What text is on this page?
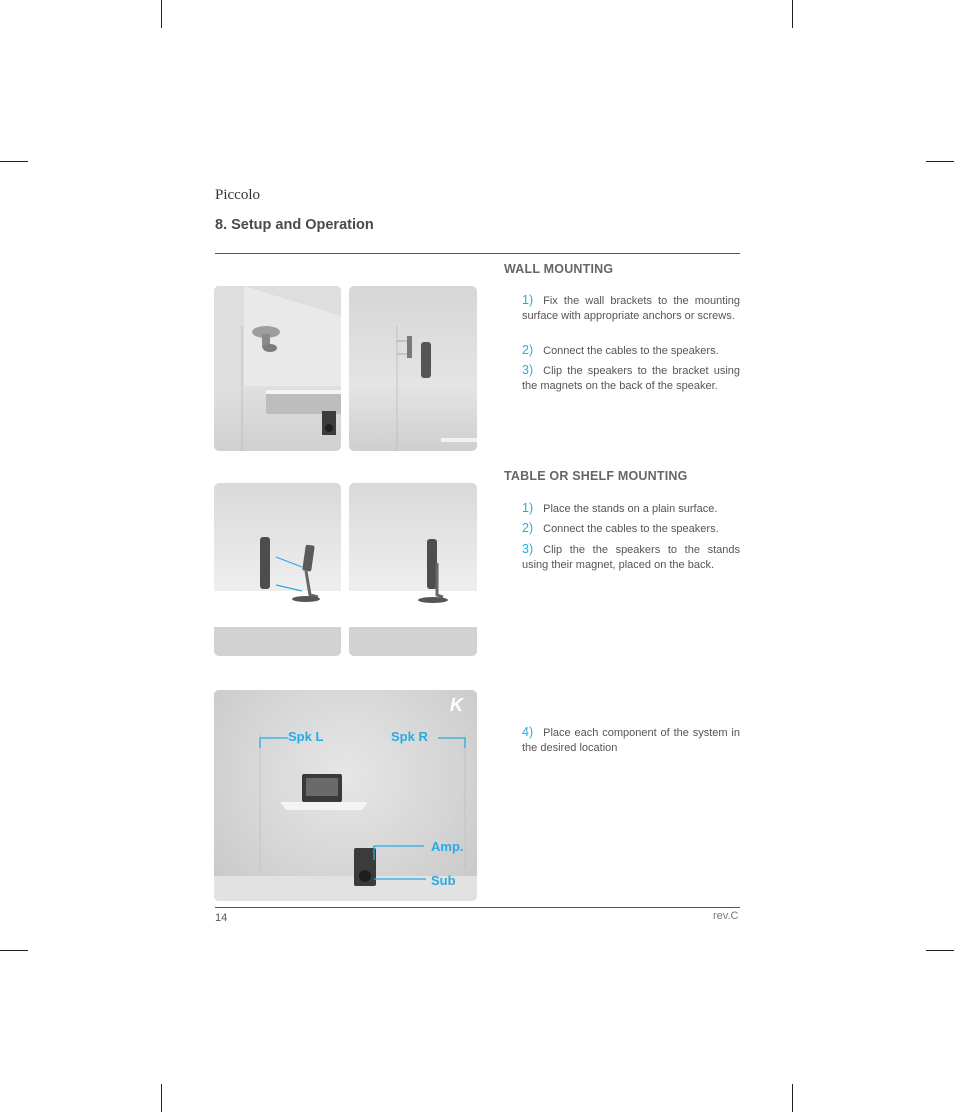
Piccolo
8. Setup and Operation
WALL MOUNTING
1) Fix the wall brackets to the mounting surface with appropriate anchors or screws.
2) Connect the cables to the speakers.
3) Clip the speakers to the bracket using the magnets on the back of the speaker.
TABLE OR SHELF MOUNTING
1) Place the stands on a plain surface.
2) Connect the cables to the speakers.
3) Clip the the speakers to the stands using their magnet, placed on the back.
K
Spk L	Spk R
Amp.
Sub
4) Place each component of the system in the desired location
14	rev.C
